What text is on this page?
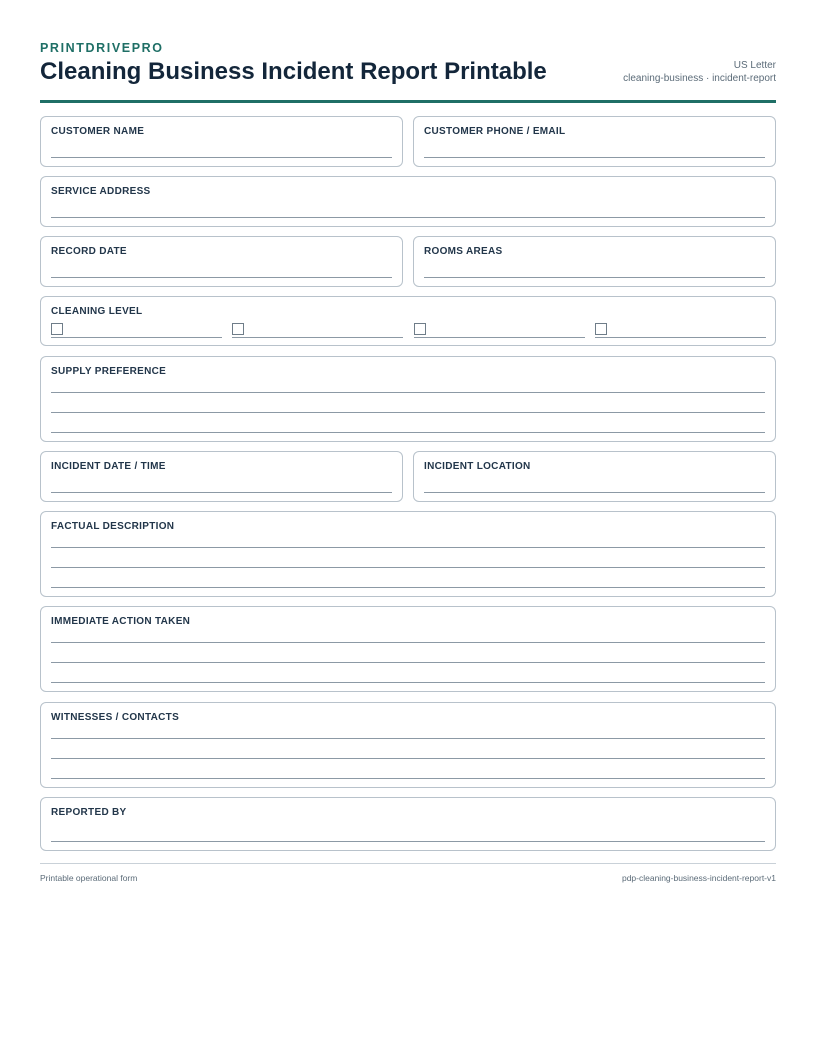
PRINTDRIVEPRO
Cleaning Business Incident Report Printable	US Letter
cleaning-business · incident-report
CUSTOMER NAME	CUSTOMER PHONE / EMAIL
SERVICE ADDRESS
RECORD DATE	ROOMS AREAS
CLEANING LEVEL
SUPPLY PREFERENCE
INCIDENT DATE / TIME	INCIDENT LOCATION
FACTUAL DESCRIPTION
IMMEDIATE ACTION TAKEN
WITNESSES / CONTACTS
REPORTED BY
Printable operational form	pdp-cleaning-business-incident-report-v1
